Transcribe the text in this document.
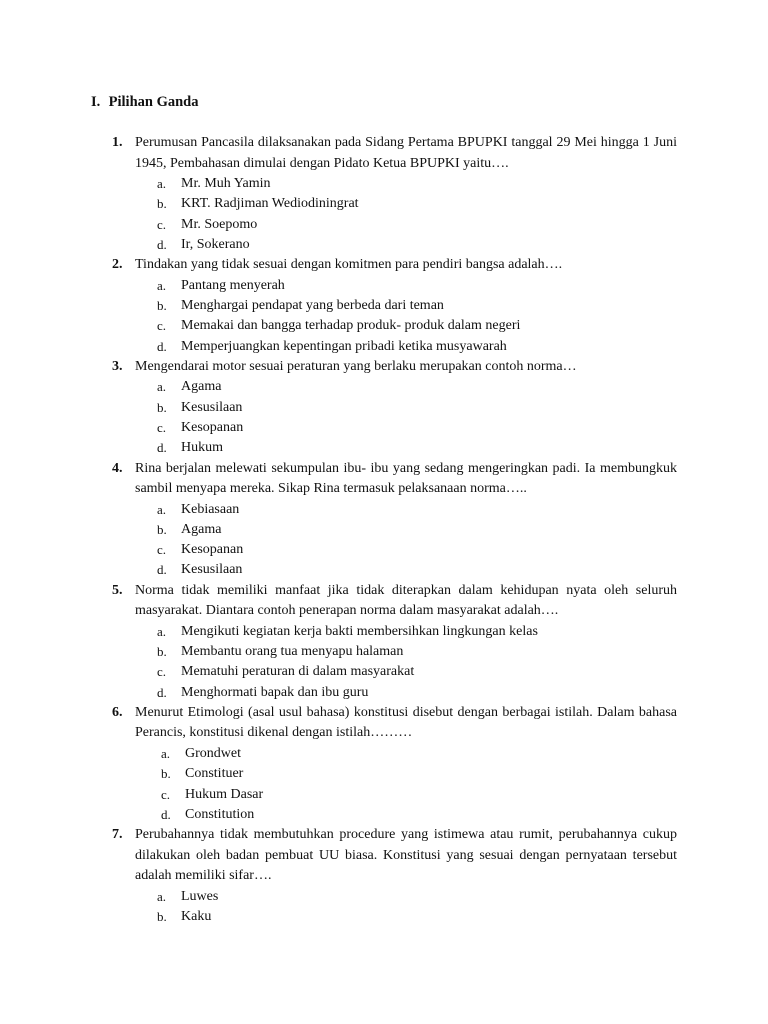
I. Pilihan Ganda
1. Perumusan Pancasila dilaksanakan pada Sidang Pertama BPUPKI tanggal 29 Mei hingga 1 Juni 1945, Pembahasan dimulai dengan Pidato Ketua BPUPKI yaitu….

a. Mr. Muh Yamin
b. KRT. Radjiman Wediodiningrat
c. Mr. Soepomo
d. Ir, Sokerano
2. Tindakan yang tidak sesuai dengan komitmen para pendiri bangsa adalah….

a. Pantang menyerah
b. Menghargai pendapat yang berbeda dari teman
c. Memakai dan bangga terhadap produk- produk dalam negeri
d. Memperjuangkan kepentingan pribadi ketika musyawarah
3. Mengendarai motor sesuai peraturan yang berlaku merupakan contoh norma…

a. Agama
b. Kesusilaan
c. Kesopanan
d. Hukum
4. Rina berjalan melewati sekumpulan ibu- ibu yang sedang mengeringkan padi. Ia membungkuk sambil menyapa mereka. Sikap Rina termasuk pelaksanaan norma…..

a. Kebiasaan
b. Agama
c. Kesopanan
d. Kesusilaan
5. Norma tidak memiliki manfaat jika tidak diterapkan dalam kehidupan nyata oleh seluruh masyarakat. Diantara contoh penerapan norma dalam masyarakat adalah….

a. Mengikuti kegiatan kerja bakti membersihkan lingkungan kelas
b. Membantu orang tua menyapu halaman
c. Mematuhi peraturan di dalam masyarakat
d. Menghormati bapak dan ibu guru
6. Menurut Etimologi (asal usul bahasa) konstitusi disebut dengan berbagai istilah. Dalam bahasa Perancis, konstitusi dikenal dengan istilah………

a. Grondwet
b. Constituer
c. Hukum Dasar
d. Constitution
7. Perubahannya tidak membutuhkan procedure yang istimewa atau rumit, perubahannya cukup dilakukan oleh badan pembuat UU biasa. Konstitusi yang sesuai dengan pernyataan tersebut adalah memiliki sifar….

a. Luwes
b. Kaku
